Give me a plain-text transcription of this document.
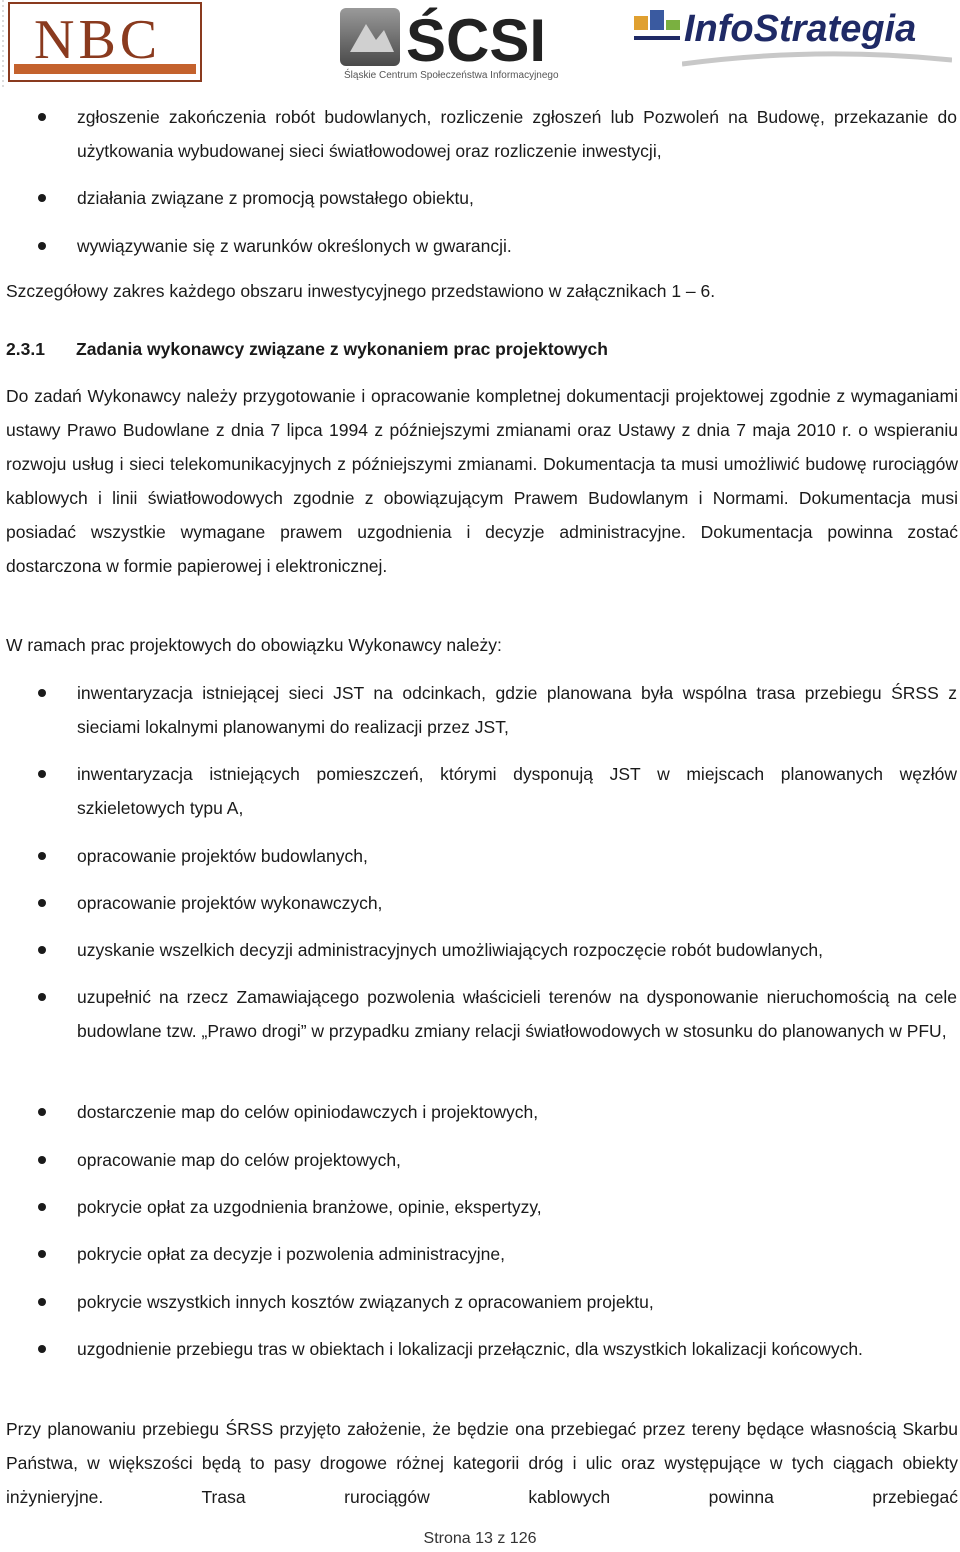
NBC	ŚCSI
Śląskie Centrum Społeczeństwa Informacyjnego
InfoStrategia
zgłoszenie zakończenia robót budowlanych, rozliczenie zgłoszeń lub Pozwoleń na Budowę, przekazanie do użytkowania wybudowanej sieci światłowodowej oraz rozliczenie inwestycji,
działania związane z promocją powstałego obiektu,
wywiązywanie się z warunków określonych w gwarancji.
Szczegółowy zakres każdego obszaru inwestycyjnego przedstawiono w załącznikach 1 – 6.
2.3.1 Zadania wykonawcy związane z wykonaniem prac projektowych
Do zadań Wykonawcy należy przygotowanie i opracowanie kompletnej dokumentacji projektowej zgodnie z wymaganiami ustawy Prawo Budowlane z dnia 7 lipca 1994 z późniejszymi zmianami oraz Ustawy z dnia 7 maja 2010 r. o wspieraniu rozwoju usług i sieci telekomunikacyjnych z późniejszymi zmianami. Dokumentacja ta musi umożliwić budowę rurociągów kablowych i linii światłowodowych zgodnie z obowiązującym Prawem Budowlanym i Normami. Dokumentacja musi posiadać wszystkie wymagane prawem uzgodnienia i decyzje administracyjne. Dokumentacja powinna zostać dostarczona w formie papierowej i elektronicznej.
W ramach prac projektowych do obowiązku Wykonawcy należy:
inwentaryzacja istniejącej sieci JST na odcinkach, gdzie planowana była wspólna trasa przebiegu ŚRSS z sieciami lokalnymi planowanymi do realizacji przez JST,
inwentaryzacja istniejących pomieszczeń, którymi dysponują JST w miejscach planowanych węzłów szkieletowych typu A,
opracowanie projektów budowlanych,
opracowanie projektów wykonawczych,
uzyskanie wszelkich decyzji administracyjnych umożliwiających rozpoczęcie robót budowlanych,
uzupełnić na rzecz Zamawiającego pozwolenia właścicieli terenów na dysponowanie nieruchomością na cele budowlane tzw. „Prawo drogi” w przypadku zmiany relacji światłowodowych w stosunku do planowanych w PFU,
dostarczenie map do celów opiniodawczych i projektowych,
opracowanie map do celów projektowych,
pokrycie opłat za uzgodnienia branżowe, opinie, ekspertyzy,
pokrycie opłat za decyzje i pozwolenia administracyjne,
pokrycie wszystkich innych kosztów związanych z opracowaniem projektu,
uzgodnienie przebiegu tras w obiektach i lokalizacji przełącznic, dla wszystkich lokalizacji końcowych.
Przy planowaniu przebiegu ŚRSS przyjęto założenie, że będzie ona przebiegać przez tereny będące własnością Skarbu Państwa, w większości będą to pasy drogowe różnej kategorii dróg i ulic oraz występujące w tych ciągach obiekty inżynieryjne. Trasa rurociągów kablowych powinna przebiegać
Strona 13 z 126
